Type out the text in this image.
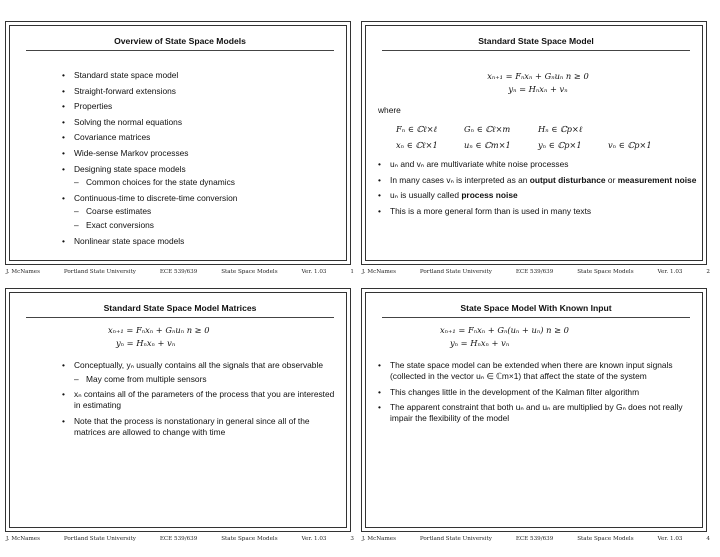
Overview of State Space Models
• Standard state space model
• Straight-forward extensions
• Properties
• Solving the normal equations
• Covariance matrices
• Wide-sense Markov processes
• Designing state space models
– Common choices for the state dynamics
• Continuous-time to discrete-time conversion
– Coarse estimates
– Exact conversions
• Nonlinear state space models
J. McNames	Portland State University	ECE 539/639	State Space Models	Ver. 1.03	1
Standard State Space Model
xₙ₊₁ = Fₙxₙ + Gₙuₙ n ≥ 0
yₙ = Hₙxₙ + vₙ
where
Fₙ ∈ ℂℓ×ℓ	Gₙ ∈ ℂℓ×m	Hₙ ∈ ℂp×ℓ
xₙ ∈ ℂℓ×1	uₙ ∈ ℂm×1	yₙ ∈ ℂp×1	vₙ ∈ ℂp×1
• uₙ and vₙ are multivariate white noise processes
• In many cases vₙ is interpreted as an output disturbance or measurement noise
• uₙ is usually called process noise
• This is a more general form than is used in many texts
J. McNames	Portland State University	ECE 539/639	State Space Models	Ver. 1.03	2
Standard State Space Model Matrices
xₙ₊₁ = Fₙxₙ + Gₙuₙ n ≥ 0
yₙ = Hₙxₙ + vₙ
• Conceptually, yₙ usually contains all the signals that are observable
– May come from multiple sensors
• xₙ contains all of the parameters of the process that you are interested in estimating
• Note that the process is nonstationary in general since all of the matrices are allowed to change with time
J. McNames	Portland State University	ECE 539/639	State Space Models	Ver. 1.03	3
State Space Model With Known Input
xₙ₊₁ = Fₙxₙ + Gₙ(uₙ + uₙ) n ≥ 0
yₙ = Hₙxₙ + vₙ
• The state space model can be extended when there are known input signals (collected in the vector uₙ ∈ ℂm×1) that affect the state of the system
• This changes little in the development of the Kalman filter algorithm
• The apparent constraint that both uₙ and uₙ are multiplied by Gₙ does not really impair the flexibility of the model
J. McNames	Portland State University	ECE 539/639	State Space Models	Ver. 1.03	4
